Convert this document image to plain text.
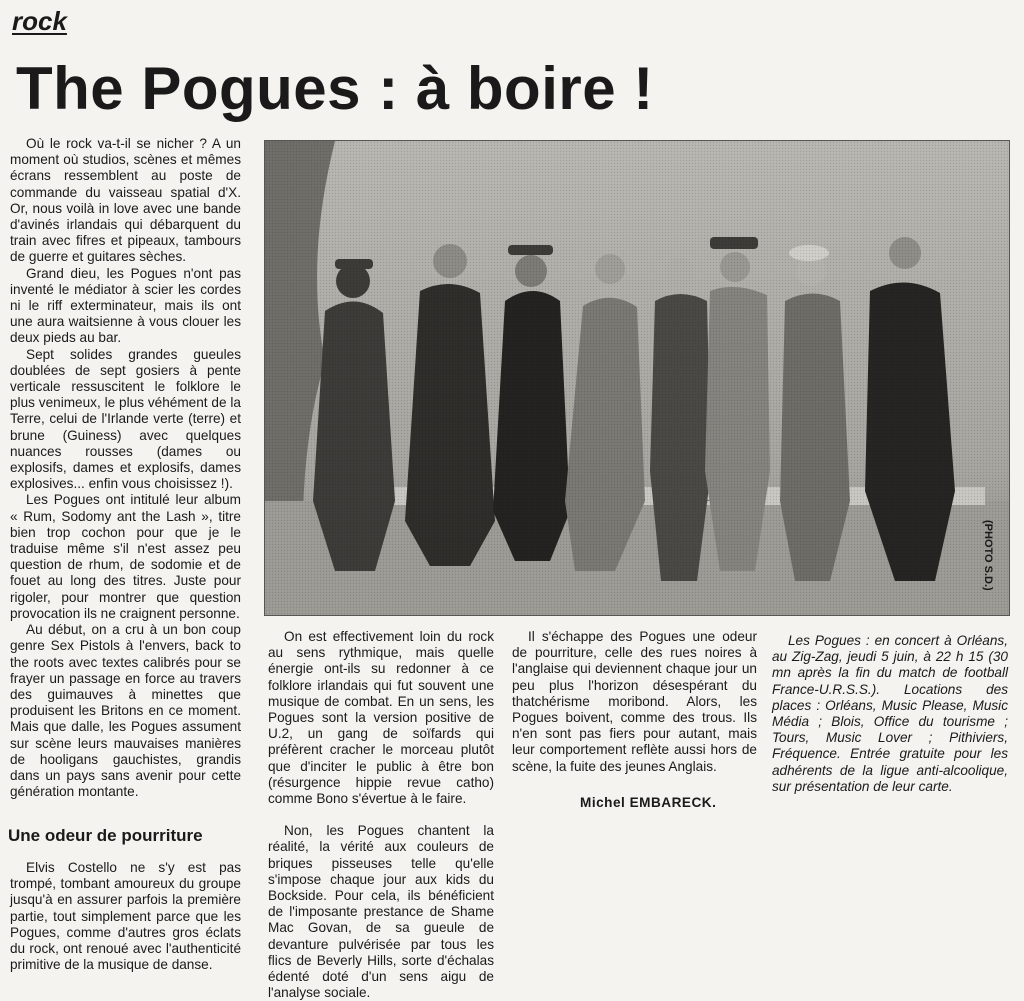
rock
The Pogues : à boire !

Où le rock va-t-il se nicher ? A un moment où studios, scènes et mêmes écrans ressemblent au poste de commande du vaisseau spatial d'X. Or, nous voilà in love avec une bande d'avinés irlandais qui débarquent du train avec fifres et pipeaux, tambours de guerre et guitares sèches.

Grand dieu, les Pogues n'ont pas inventé le médiator à scier les cordes ni le riff exterminateur, mais ils ont une aura waitsienne à vous clouer les deux pieds au bar.

Sept solides grandes gueules doublées de sept gosiers à pente verticale ressuscitent le folklore le plus venimeux, le plus véhément de la Terre, celui de l'Irlande verte (terre) et brune (Guiness) avec quelques nuances rousses (dames ou explosifs, dames et explosifs, dames explosives... enfin vous choisissez !).

Les Pogues ont intitulé leur album « Rum, Sodomy ant the Lash », titre bien trop cochon pour que je le traduise même s'il n'est assez peu question de rhum, de sodomie et de fouet au long des titres. Juste pour rigoler, pour montrer que question provocation ils ne craignent personne.

Au début, on a cru à un bon coup genre Sex Pistols à l'envers, back to the roots avec textes calibrés pour se frayer un passage en force au travers des guimauves à minettes que produisent les Britons en ce moment. Mais que dalle, les Pogues assument sur scène leurs mauvaises manières de hooligans gauchistes, grandis dans un pays sans avenir pour cette génération montante.

Une odeur de pourriture

Elvis Costello ne s'y est pas trompé, tombant amoureux du groupe jusqu'à en assurer parfois la première partie, tout simplement parce que les Pogues, comme d'autres gros éclats du rock, ont renoué avec l'authenticité primitive de la musique de danse.

(PHOTO S.D.)

On est effectivement loin du rock au sens rythmique, mais quelle énergie ont-ils su redonner à ce folklore irlandais qui fut souvent une musique de combat. En un sens, les Pogues sont la version positive de U.2, un gang de soïfards qui préfèrent cracher le morceau plutôt que d'inciter le public à être bon (résurgence hippie revue catho) comme Bono s'évertue à le faire.

Non, les Pogues chantent la réalité, la vérité aux couleurs de briques pisseuses telle qu'elle s'impose chaque jour aux kids du Bockside. Pour cela, ils bénéficient de l'imposante prestance de Shame Mac Govan, de sa gueule de devanture pulvérisée par tous les flics de Beverly Hills, sorte d'échalas édenté doté d'un sens aigu de l'analyse sociale.

Il s'échappe des Pogues une odeur de pourriture, celle des rues noires à l'anglaise qui deviennent chaque jour un peu plus l'horizon désespérant du thatchérisme moribond. Alors, les Pogues boivent, comme des trous. Ils n'en sont pas fiers pour autant, mais leur comportement reflète aussi hors de scène, la fuite des jeunes Anglais.

Michel EMBARECK.

Les Pogues : en concert à Orléans, au Zig-Zag, jeudi 5 juin, à 22 h 15 (30 mn après la fin du match de football France-U.R.S.S.). Locations des places : Orléans, Music Please, Music Média ; Blois, Office du tourisme ; Tours, Music Lover ; Pithiviers, Fréquence. Entrée gratuite pour les adhérents de la ligue anti-alcoolique, sur présentation de leur carte.
